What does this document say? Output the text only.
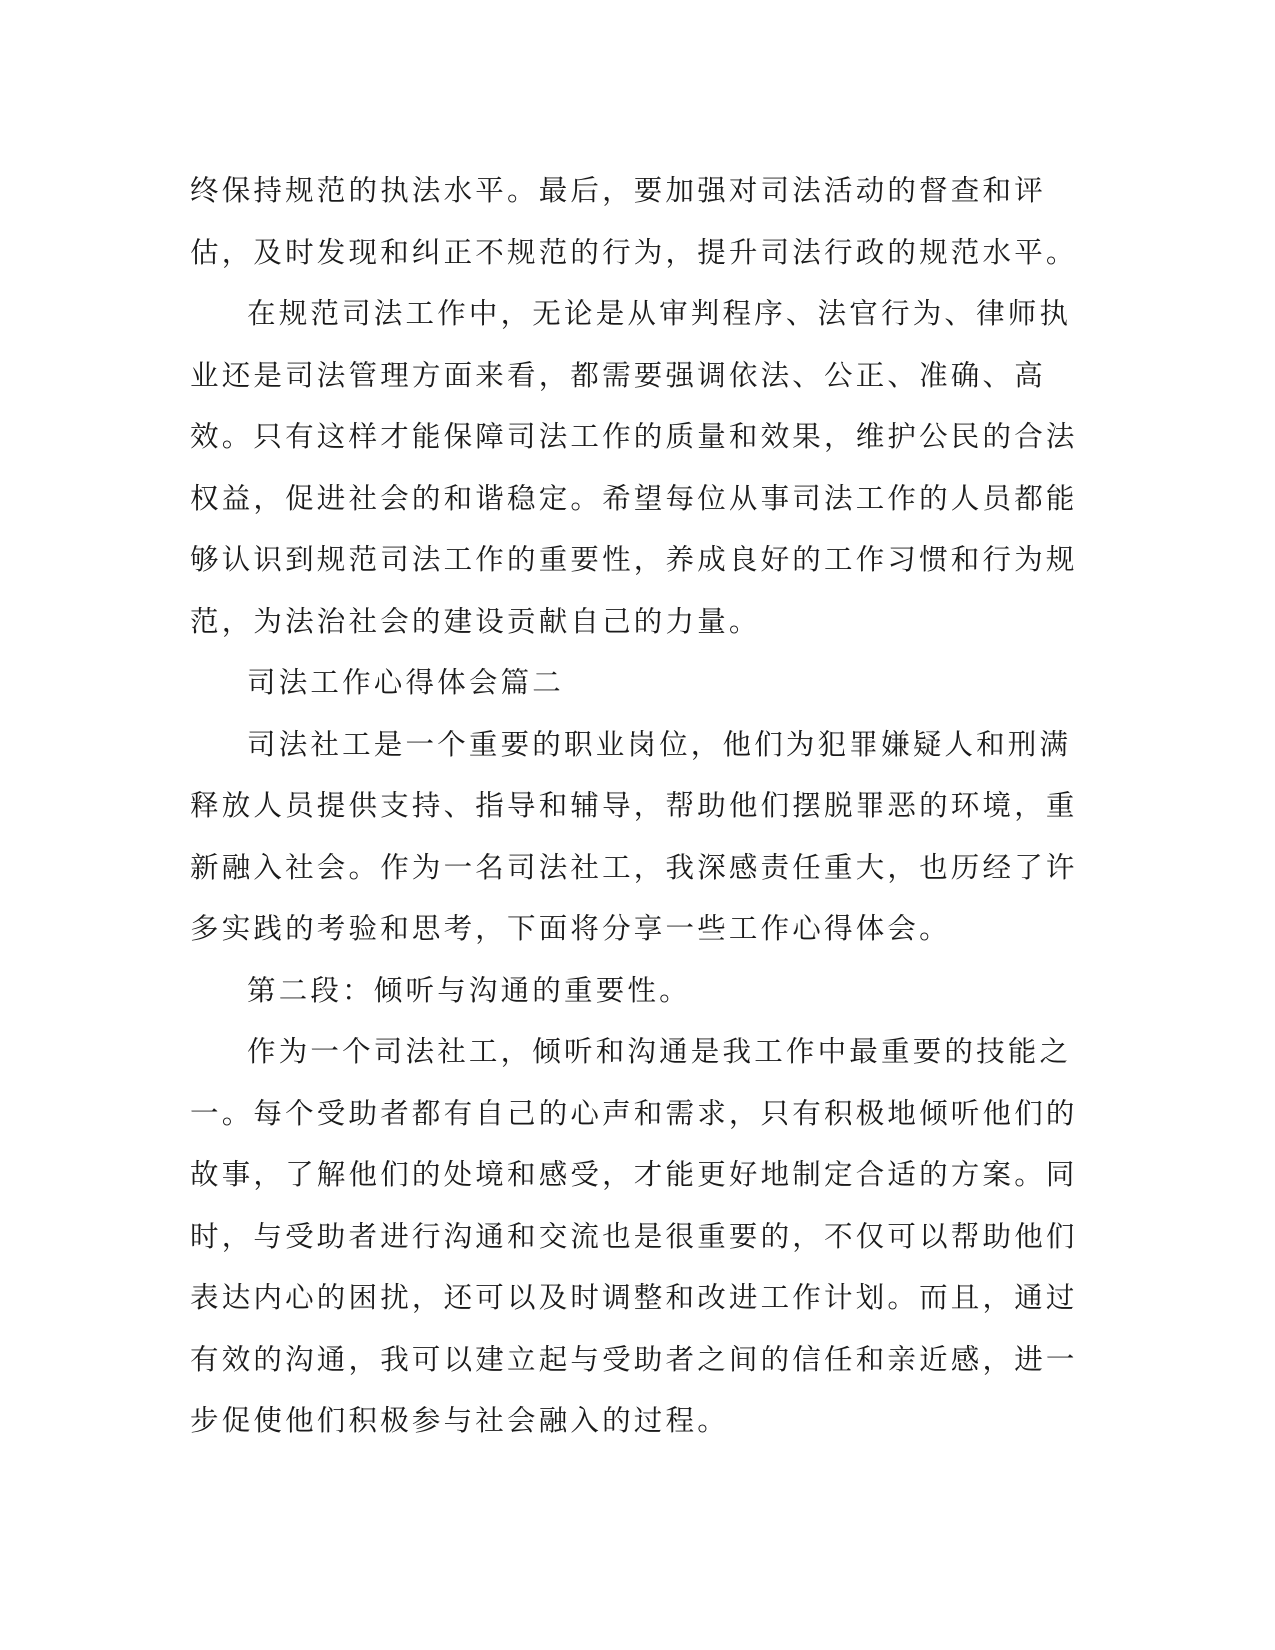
终保持规范的执法水平。最后，要加强对司法活动的督查和评估，及时发现和纠正不规范的行为，提升司法行政的规范水平。

在规范司法工作中，无论是从审判程序、法官行为、律师执业还是司法管理方面来看，都需要强调依法、公正、准确、高效。只有这样才能保障司法工作的质量和效果，维护公民的合法权益，促进社会的和谐稳定。希望每位从事司法工作的人员都能够认识到规范司法工作的重要性，养成良好的工作习惯和行为规范，为法治社会的建设贡献自己的力量。

司法工作心得体会篇二

司法社工是一个重要的职业岗位，他们为犯罪嫌疑人和刑满释放人员提供支持、指导和辅导，帮助他们摆脱罪恶的环境，重新融入社会。作为一名司法社工，我深感责任重大，也历经了许多实践的考验和思考，下面将分享一些工作心得体会。

第二段：倾听与沟通的重要性。

作为一个司法社工，倾听和沟通是我工作中最重要的技能之一。每个受助者都有自己的心声和需求，只有积极地倾听他们的故事，了解他们的处境和感受，才能更好地制定合适的方案。同时，与受助者进行沟通和交流也是很重要的，不仅可以帮助他们表达内心的困扰，还可以及时调整和改进工作计划。而且，通过有效的沟通，我可以建立起与受助者之间的信任和亲近感，进一步促使他们积极参与社会融入的过程。
